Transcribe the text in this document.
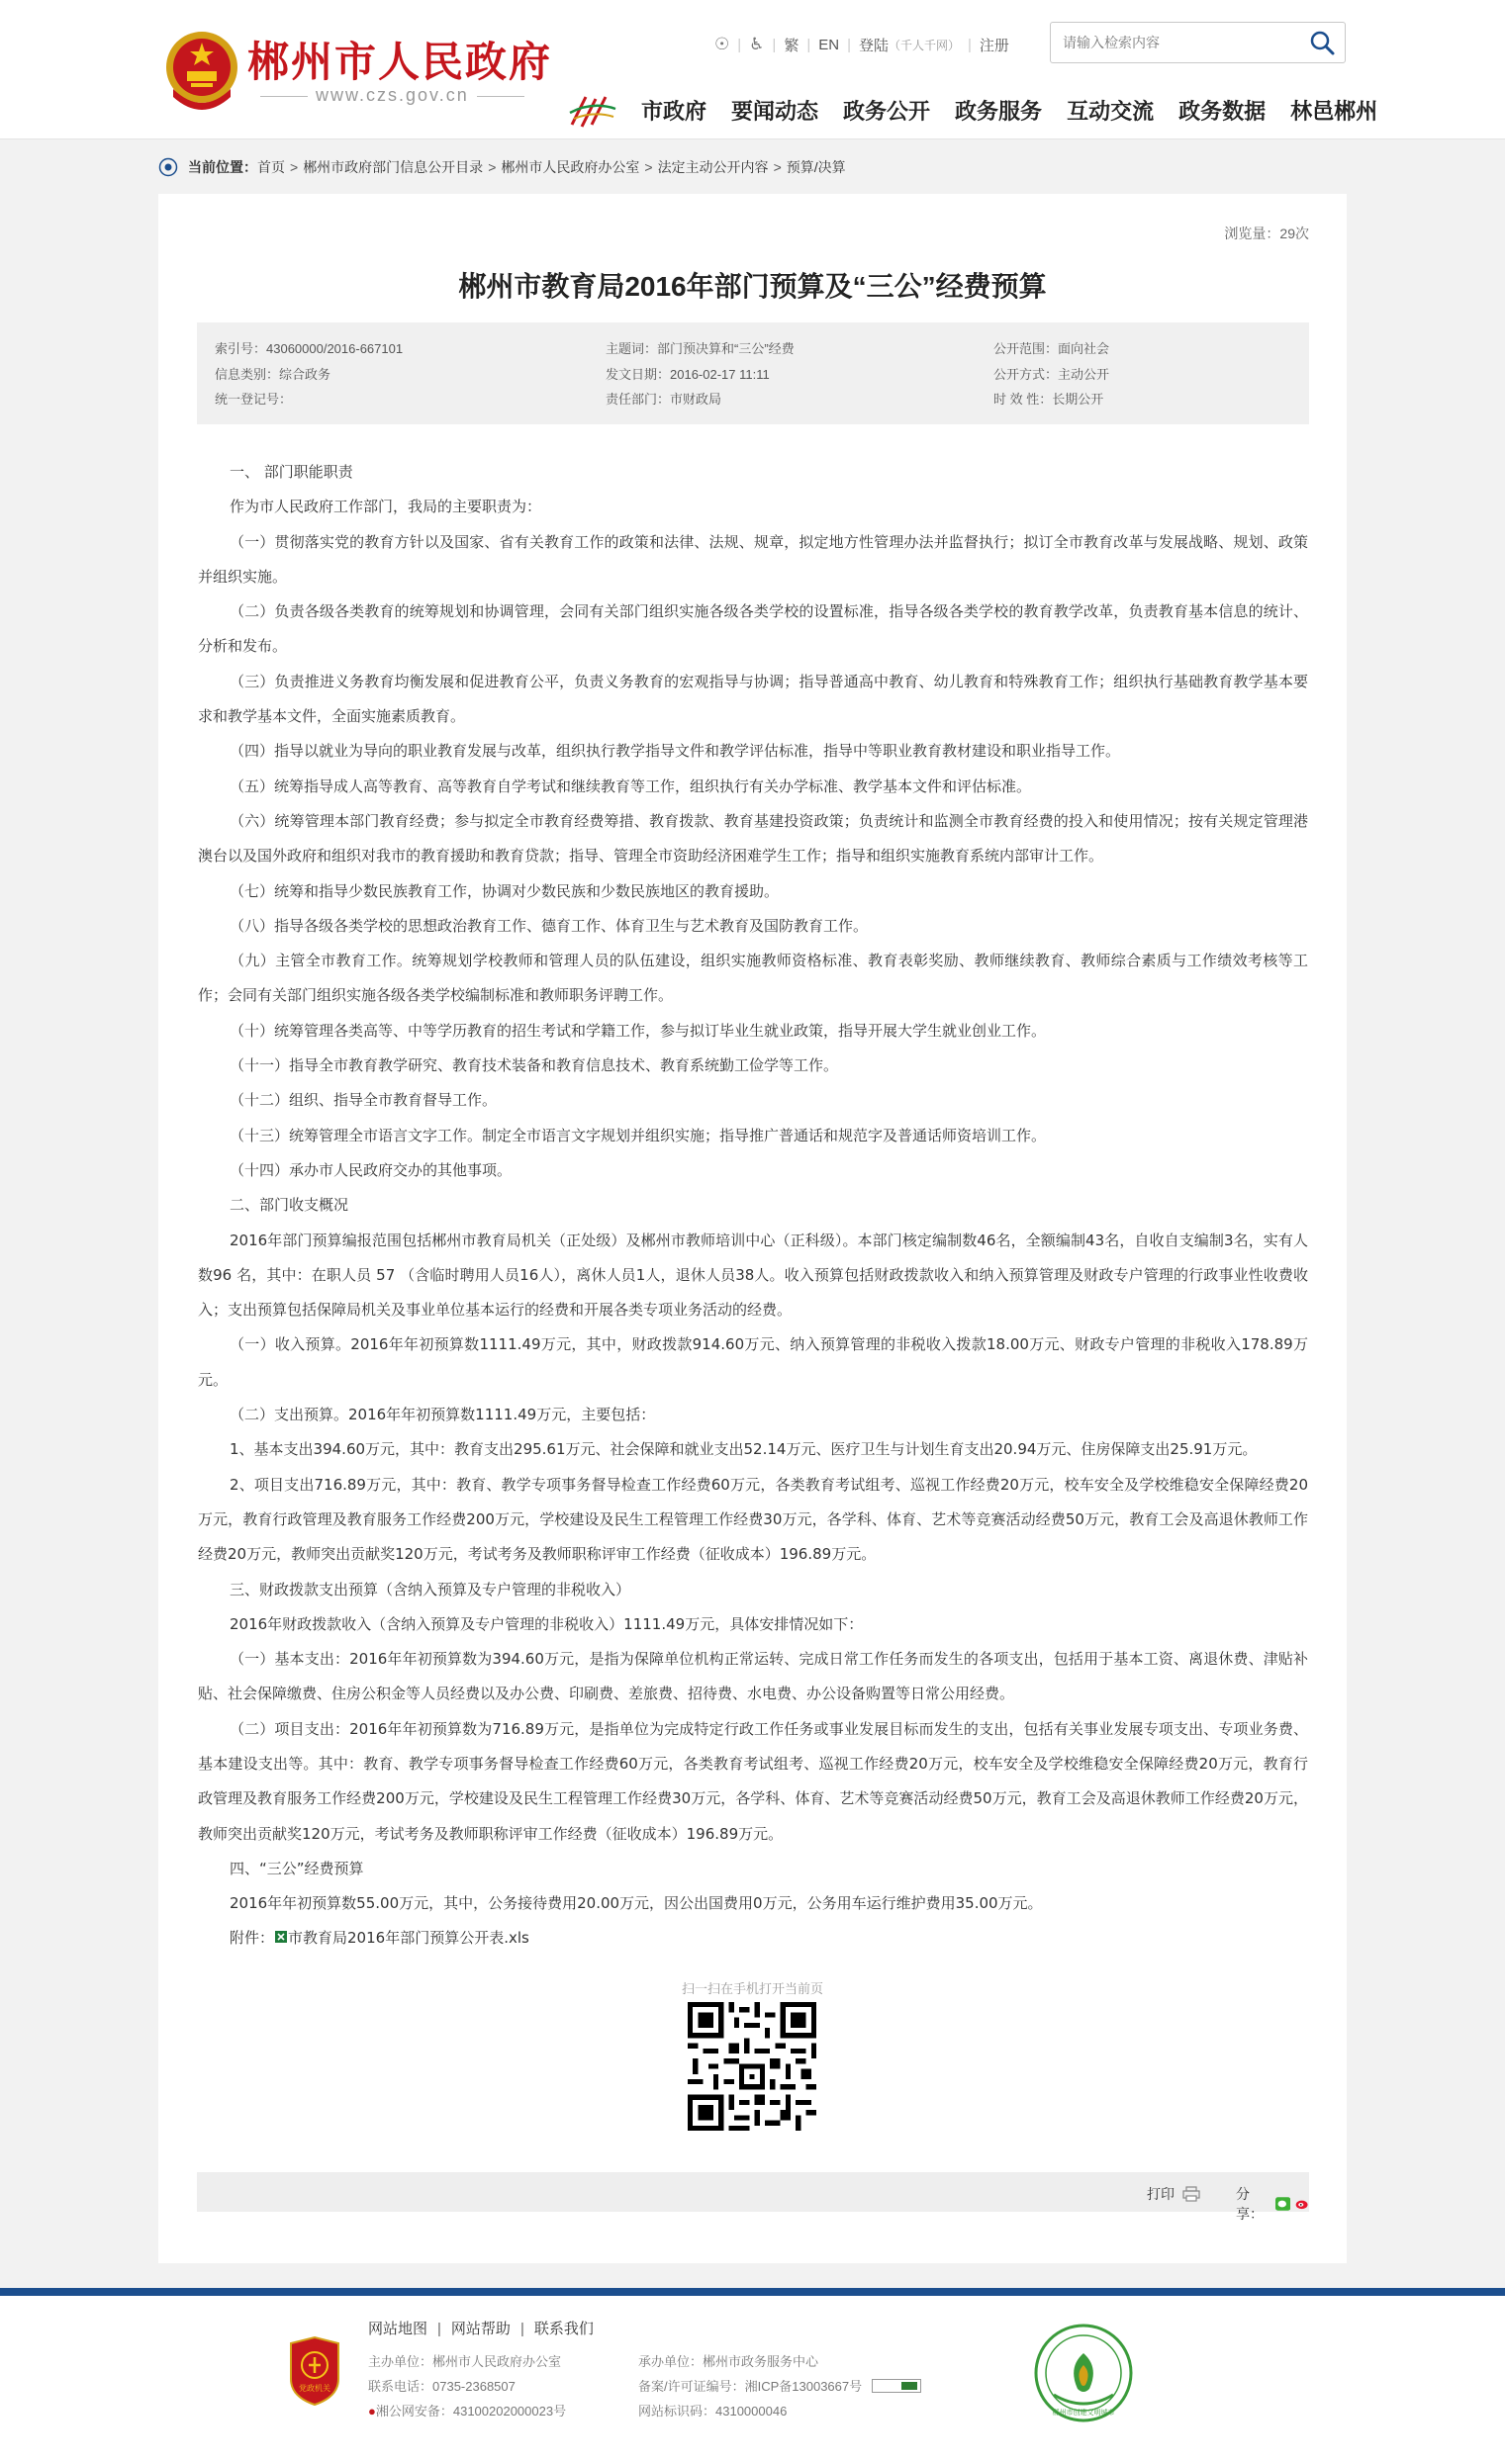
郴州市人民政府
www.czs.gov.cn
☉ | ♿ | 繁 | EN | 登陆 （千人千网） | 注册
请输入检索内容
市政府 要闻动态 政务公开 政务服务 互动交流 政务数据 林邑郴州
当前位置： 首页 > 郴州市政府部门信息公开目录 > 郴州市人民政府办公室 > 法定主动公开内容 > 预算/决算
浏览量：29次
郴州市教育局2016年部门预算及“三公”经费预算
索引号：43060000/2016-667101
信息类别：综合政务
统一登记号：
主题词：部门预决算和“三公”经费
发文日期：2016-02-17 11:11
责任部门：市财政局
公开范围：面向社会
公开方式：主动公开
时 效 性：长期公开

一、 部门职能职责

作为市人民政府工作部门，我局的主要职责为：

（一）贯彻落实党的教育方针以及国家、省有关教育工作的政策和法律、法规、规章，拟定地方性管理办法并监督执行；拟订全市教育改革与发展战略、规划、政策并组织实施。

（二）负责各级各类教育的统筹规划和协调管理，会同有关部门组织实施各级各类学校的设置标准，指导各级各类学校的教育教学改革，负责教育基本信息的统计、分析和发布。

（三）负责推进义务教育均衡发展和促进教育公平，负责义务教育的宏观指导与协调；指导普通高中教育、幼儿教育和特殊教育工作；组织执行基础教育教学基本要求和教学基本文件，全面实施素质教育。

（四）指导以就业为导向的职业教育发展与改革，组织执行教学指导文件和教学评估标准，指导中等职业教育教材建设和职业指导工作。

（五）统筹指导成人高等教育、高等教育自学考试和继续教育等工作，组织执行有关办学标准、教学基本文件和评估标准。

（六）统筹管理本部门教育经费；参与拟定全市教育经费筹措、教育拨款、教育基建投资政策；负责统计和监测全市教育经费的投入和使用情况；按有关规定管理港澳台以及国外政府和组织对我市的教育援助和教育贷款；指导、管理全市资助经济困难学生工作；指导和组织实施教育系统内部审计工作。

（七）统筹和指导少数民族教育工作，协调对少数民族和少数民族地区的教育援助。

（八）指导各级各类学校的思想政治教育工作、德育工作、体育卫生与艺术教育及国防教育工作。

（九）主管全市教育工作。统筹规划学校教师和管理人员的队伍建设，组织实施教师资格标准、教育表彰奖励、教师继续教育、教师综合素质与工作绩效考核等工作；会同有关部门组织实施各级各类学校编制标准和教师职务评聘工作。

（十）统筹管理各类高等、中等学历教育的招生考试和学籍工作，参与拟订毕业生就业政策，指导开展大学生就业创业工作。

（十一）指导全市教育教学研究、教育技术装备和教育信息技术、教育系统勤工俭学等工作。

（十二）组织、指导全市教育督导工作。

（十三）统筹管理全市语言文字工作。制定全市语言文字规划并组织实施；指导推广普通话和规范字及普通话师资培训工作。

（十四）承办市人民政府交办的其他事项。

二、部门收支概况

2016年部门预算编报范围包括郴州市教育局机关（正处级）及郴州市教师培训中心（正科级）。本部门核定编制数46名，全额编制43名，自收自支编制3名，实有人数96 名，其中：在职人员 57 （含临时聘用人员16人），离休人员1人，退休人员38人。收入预算包括财政拨款收入和纳入预算管理及财政专户管理的行政事业性收费收入；支出预算包括保障局机关及事业单位基本运行的经费和开展各类专项业务活动的经费。

（一）收入预算。2016年年初预算数1111.49万元，其中，财政拨款914.60万元、纳入预算管理的非税收入拨款18.00万元、财政专户管理的非税收入178.89万元。

（二）支出预算。2016年年初预算数1111.49万元，主要包括：

1、基本支出394.60万元，其中：教育支出295.61万元、社会保障和就业支出52.14万元、医疗卫生与计划生育支出20.94万元、住房保障支出25.91万元。

2、项目支出716.89万元，其中：教育、教学专项事务督导检查工作经费60万元，各类教育考试组考、巡视工作经费20万元，校车安全及学校维稳安全保障经费20万元，教育行政管理及教育服务工作经费200万元，学校建设及民生工程管理工作经费30万元，各学科、体育、艺术等竞赛活动经费50万元，教育工会及高退休教师工作经费20万元，教师突出贡献奖120万元，考试考务及教师职称评审工作经费（征收成本）196.89万元。

三、财政拨款支出预算（含纳入预算及专户管理的非税收入）

2016年财政拨款收入（含纳入预算及专户管理的非税收入）1111.49万元，具体安排情况如下：

（一）基本支出：2016年年初预算数为394.60万元，是指为保障单位机构正常运转、完成日常工作任务而发生的各项支出，包括用于基本工资、离退休费、津贴补贴、社会保障缴费、住房公积金等人员经费以及办公费、印刷费、差旅费、招待费、水电费、办公设备购置等日常公用经费。

（二）项目支出：2016年年初预算数为716.89万元，是指单位为完成特定行政工作任务或事业发展目标而发生的支出，包括有关事业发展专项支出、专项业务费、基本建设支出等。其中：教育、教学专项事务督导检查工作经费60万元，各类教育考试组考、巡视工作经费20万元，校车安全及学校维稳安全保障经费20万元，教育行政管理及教育服务工作经费200万元，学校建设及民生工程管理工作经费30万元，各学科、体育、艺术等竞赛活动经费50万元，教育工会及高退休教师工作经费20万元，教师突出贡献奖120万元，考试考务及教师职称评审工作经费（征收成本）196.89万元。

四、“三公”经费预算

2016年年初预算数55.00万元，其中，公务接待费用20.00万元，因公出国费用0万元，公务用车运行维护费用35.00万元。

附件： 市教育局2016年部门预算公开表.xls

扫一扫在手机打开当前页
打印	分享：
网站地图 | 网站帮助 | 联系我们
党政机关
主办单位：郴州市人民政府办公室
联系电话：0735-2368507
●湘公网安备：43100202000023号
承办单位：郴州市政务服务中心
备案/许可证编号：湘ICP备13003667号
网站标识码：4310000046	郴州市创建文明城市
